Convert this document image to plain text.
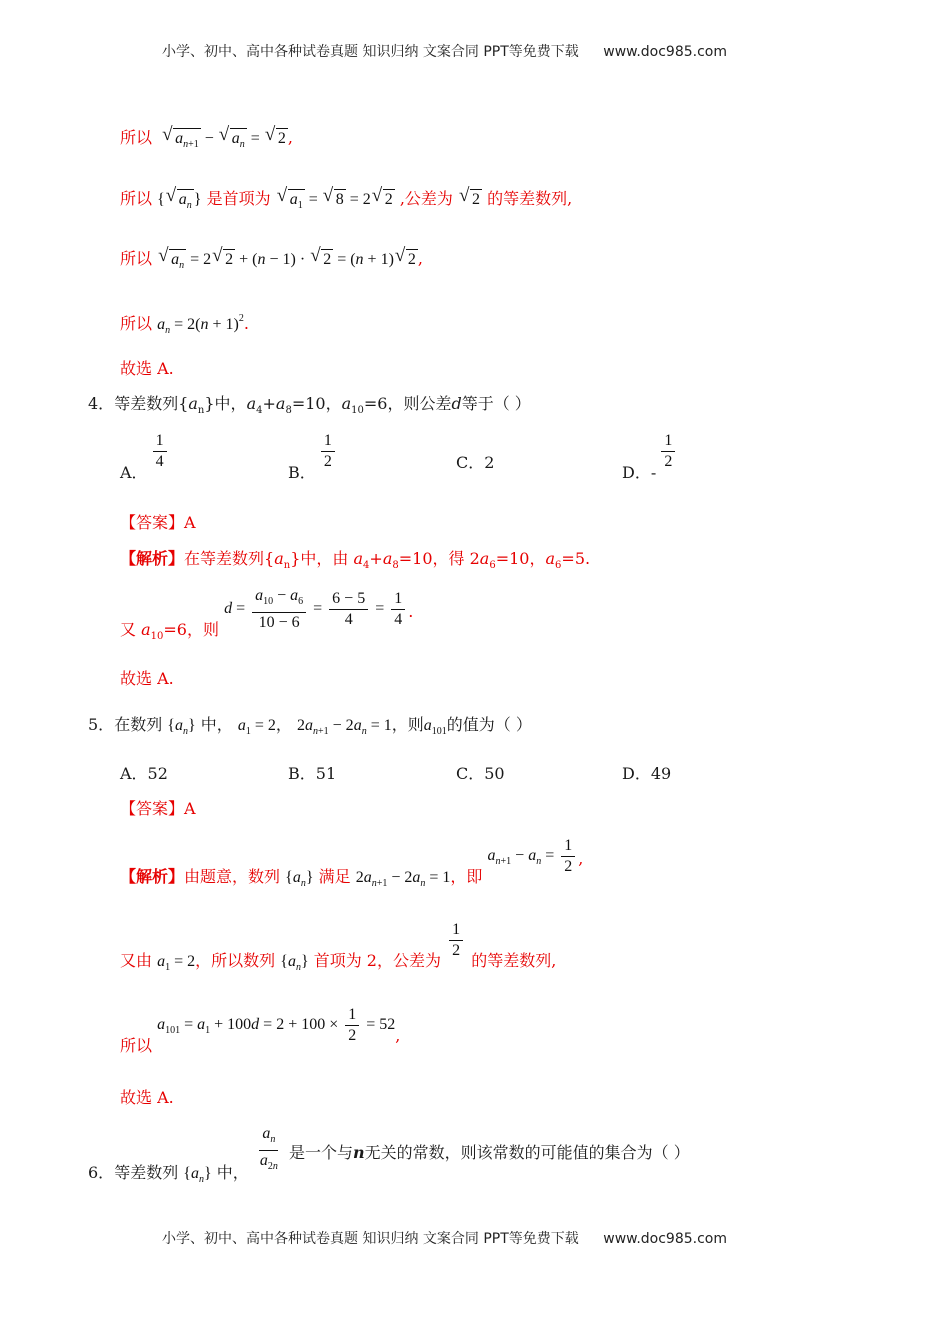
小学、初中、高中各种试卷真题 知识归纳 文案合同 PPT等免费下载 www.doc985.com
所以 √ $a_{n+1}$ − √ $a_n$ = √ 2 ,
所以 {√ $a_n$ } 是首项为 √ $a_1$ = √ 8 = 2√ 2 ,公差为 √ 2 的等差数列,
所以 √ $a_n = 2√$ 2 + (n − 1) · √ 2 = (n + 1)√ 2 ,
所以 $a_n = 2(n + 1)^2$.
故选 A.
4．等差数列$\{a_n\}$中，$a_4+a_8=10$，$a_{10}=6$，则公差d等于（ ）
A．
$\frac{1}{4}$
B．
$\frac{1}{2}$	C．2
D．-
$\frac{1}{2}$
【答案】A
【解析】在等差数列$\{a_n\}$中，由 $a_4+a_8=10$，得 $2a_6=10$，$a_6=5$.
又 $a_{10}=6$，则 $d = \frac{a_{10} - a_6}{10 - 6} = \frac{6 - 5}{4} = \frac{1}{4}$ .
故选 A.
5．在数列 $\{a_n\}$ 中， $a_1 = 2$， $2a_{n+1} - 2a_n = 1$，则$a_{101}$的值为（ ）
A．52	B．51	C．50	D．49
【答案】A
【解析】由题意，数列 $\{a_n\}$ 满足 $2a_{n+1} - 2a_n = 1$，即 $a_{n+1} - a_n = \frac{1}{2}$ ,
又由 $a_1 = 2$，所以数列 $\{a_n\}$ 首项为 2，公差为 $\frac{1}{2}$ 的等差数列,
所以 $a_{101} = a_1 + 100d = 2 + 100 \times \frac{1}{2} = 52$,
故选 A.
6．等差数列 $\{a_n\}$ 中， $\frac{a_n}{a_{2n}}$ 是一个与n无关的常数，则该常数的可能值的集合为（ ）
小学、初中、高中各种试卷真题 知识归纳 文案合同 PPT等免费下载 www.doc985.com
